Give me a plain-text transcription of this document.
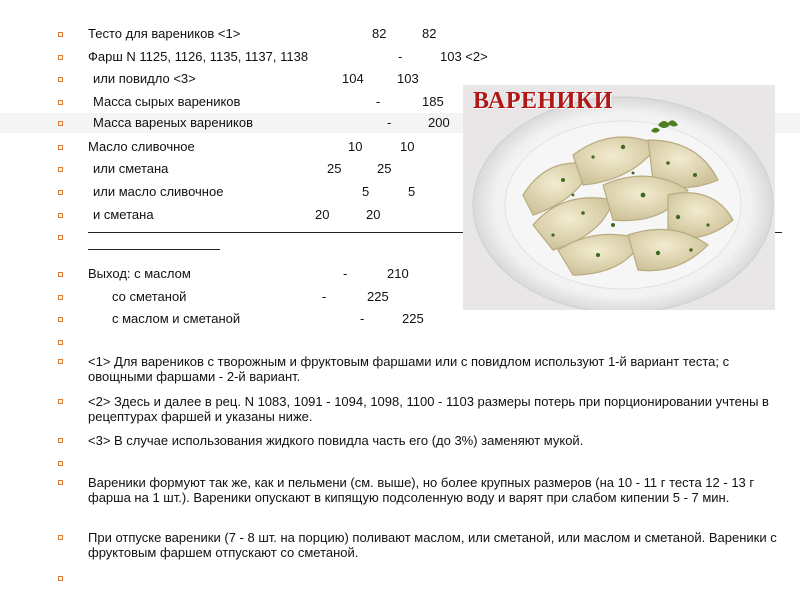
Тесто для вареников <1>	82	82
Фарш N 1125, 1126, 1135, 1137, 1138	-	103 <2>
или повидло <3>	104	103
Масса сырых вареников	-	185
Масса вареных вареников	-	200
Масло сливочное	10	10
или сметана	25	25
или масло сливочное	5	5
и сметана	20	20
Выход: с маслом	-	210
со сметаной	-	225
с маслом и сметаной	-	225
<1> Для вареников с творожным и фруктовым фаршами или с повидлом используют 1-й вариант теста; с овощными фаршами - 2-й вариант.
<2> Здесь и далее в рец. N 1083, 1091 - 1094, 1098, 1100 - 1103 размеры потерь при порционировании учтены в рецептурах фаршей и указаны ниже.
<3> В случае использования жидкого повидла часть его (до 3%) заменяют мукой.
Вареники формуют так же, как и пельмени (см. выше), но более крупных размеров (на 10 - 11 г теста 12 - 13 г фарша на 1 шт.). Вареники опускают в кипящую подсоленную воду и варят при слабом кипении 5 - 7 мин.
При отпуске вареники (7 - 8 шт. на порцию) поливают маслом, или сметаной, или маслом и сметаной. Вареники с фруктовым фаршем отпускают со сметаной.
ВАРЕНИКИ
